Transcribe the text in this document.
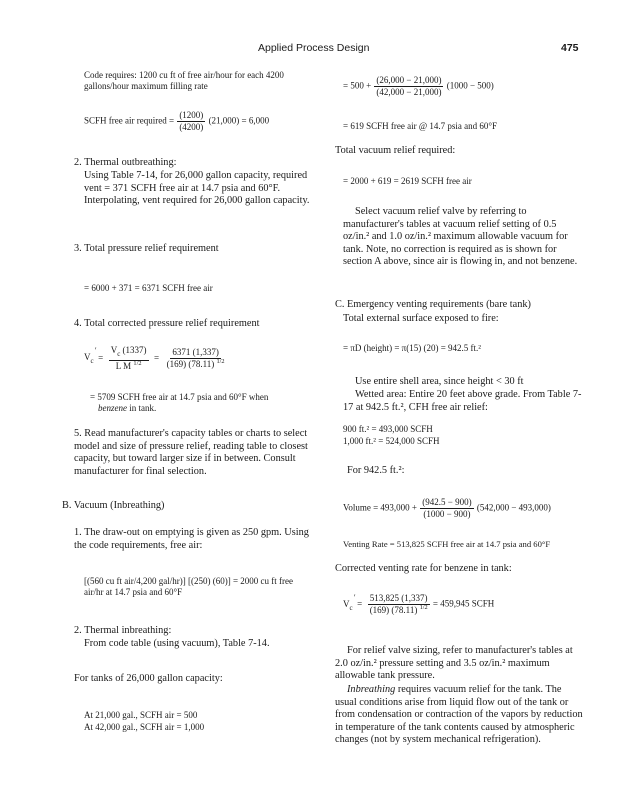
Applied Process Design	475
Code requires: 1200 cu ft of free air/hour for each 4200 gallons/hour maximum filling rate
SCFH free air required = $\frac{(1200)}{(4200)} (21,000) = 6,000$
2. Thermal outbreathing:
Using Table 7-14, for 26,000 gallon capacity, required vent = 371 SCFH free air at 14.7 psia and 60°F. Interpolating, vent required for 26,000 gallon capacity.
3. Total pressure relief requirement
= 6000 + 371 = 6371 SCFH free air
4. Total corrected pressure relief requirement
$V_c$
′
= $\frac{V_c (1337)}{L M ^{1/2}} = \frac{6371 (1,337)}{(169) (78.11) ^{1/2}}$
= 5709 SCFH free air at 14.7 psia and 60°F when
benzene in tank.
5. Read manufacturer's capacity tables or charts to select model and size of pressure relief, reading table to closest capacity, but toward larger size if in between. Consult manufacturer for final selection.
B. Vacuum (Inbreathing)
1. The draw-out on emptying is given as 250 gpm. Using the code requirements, free air:
[(560 cu ft air/4,200 gal/hr)] [(250) (60)] = 2000 cu ft free air/hr at 14.7 psia and 60°F
2. Thermal inbreathing:
From code table (using vacuum), Table 7-14.
For tanks of 26,000 gallon capacity:
At 21,000 gal., SCFH air = 500
At 42,000 gal., SCFH air = 1,000
= $500 + \frac{(26,000 - 21,000)}{(42,000 - 21,000)} (1000 - 500)$
= 619 SCFH free air @ 14.7 psia and 60°F
Total vacuum relief required:
= 2000 + 619 = 2619 SCFH free air
Select vacuum relief valve by referring to manufacturer's tables at vacuum relief setting of 0.5 oz/in.² and 1.0 oz/in.² maximum allowable vacuum for tank. Note, no correction is required as is shown for section A above, since air is flowing in, and not benzene.
C. Emergency venting requirements (bare tank)
Total external surface exposed to fire:
= πD (height) = π(15) (20) = 942.5 ft.²
Use entire shell area, since height < 30 ft
Wetted area: Entire 20 feet above grade. From Table 7-17 at 942.5 ft.², CFH free air relief:
900 ft.² = 493,000 SCFH
1,000 ft.² = 524,000 SCFH
For 942.5 ft.²:
Volume = $493,000 + \frac{(942.5 - 900)}{(1000 - 900)} (542,000 - 493,000)$
Venting Rate = 513,825 SCFH free air at 14.7 psia and 60°F
Corrected venting rate for benzene in tank:
$V_c$
′
= $\frac{513,825 (1,337)}{(169) (78.11) ^{1/2}} = 459,945$ SCFH
For relief valve sizing, refer to manufacturer's tables at 2.0 oz/in.² pressure setting and 3.5 oz/in.² maximum allowable tank pressure.
Inbreathing requires vacuum relief for the tank. The usual conditions arise from liquid flow out of the tank or from condensation or contraction of the vapors by reduction in temperature of the tank contents caused by atmospheric changes (not by system mechanical refrigeration).
